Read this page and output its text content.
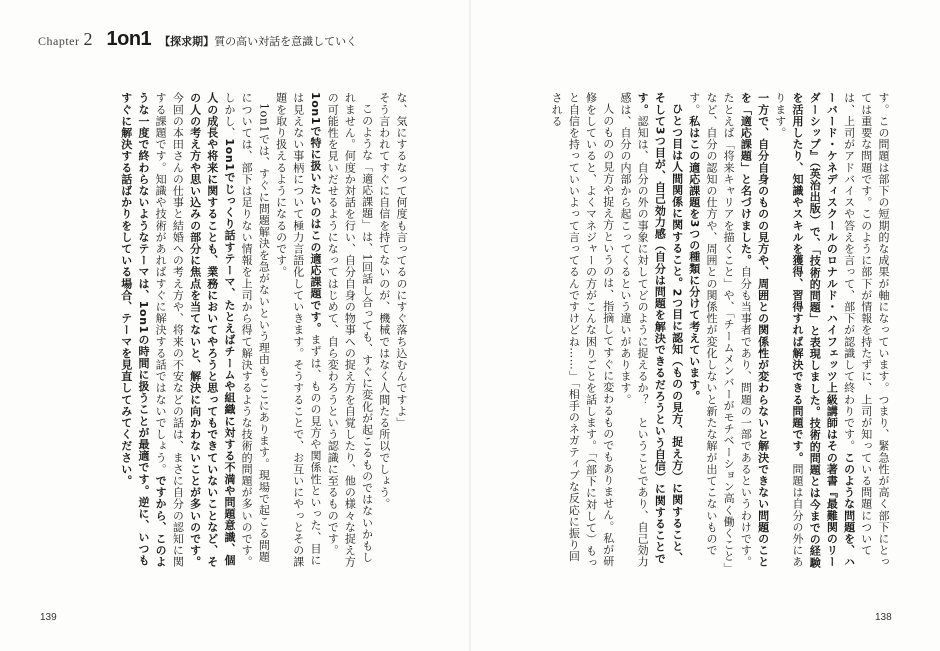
Chapter 2 1on1 【探求期】質の高い対話を意識していく

な、気にするなって何度も言ってるのにすぐ落ち込むんですよ」

そう言われてすぐに自信を持てないのが、機械ではなく人間たる所以でしょう。

このような「適応課題」は、1回話し合っても、すぐに変化が起こるものではないかもしれません。何度か対話を行い、自分自身の物事への捉え方を自覚したり、他の様々な捉え方の可能性を見いだせるようになってはじめて、自ら変わろうという認識に至るものです。1on1で特に扱いたいのはこの適応課題です。まずは、ものの見方や関係性といった、目には見えない事柄について極力言語化していきます。そうすることで、お互いにやっとその課題を取り扱えるようになるのです。

1on1では、すぐに問題解決を急がないという理由もここにあります。現場で起こる問題については、部下は足りない情報を上司から得て解決するような技術的問題が多いのです。しかし、1on1でじっくり話すテーマ、たとえばチームや組織に対する不満や問題意識、個人の成長や将来に関することも、業務においてやろうと思ってもできていないことなど、その人の考え方や思い込みの部分に焦点を当てないと、解決に向かわないことが多いのです。今回の本田さんの仕事と結婚への考え方や、将来の不安などの話は、まさに自分の認知に関する課題です。知識や技術があればすぐに解決する話ではないでしょう。ですから、このような一度で終わらないようなテーマは、1on1の時間に扱うことが最適です。逆に、いつもすぐに解決する話ばかりをしている場合、テーマを見直してみてください。	す。この問題は部下の短期的な成果が軸になっています。つまり、緊急性が高く部下にとっては重要な問題です。このように部下が情報を持たずに、上司が知っている問題については、上司がアドバイスや答えを言って、部下が認識して終わりです。このような問題を、ハーバード・ケネディスクールのロナルド・ハイフェッツ上級講師はその著書『最難関のリーダーシップ』（英治出版）で、「技術的問題」と表現しました。技術的問題とは今までの経験を活用したり、知識やスキルを獲得、習得すれば解決できる問題です。問題は自分の外にあります。

一方で、自分自身のものの見方や、周囲との関係性が変わらないと解決できない問題のことを「適応課題」と名づけました。自分も当事者であり、問題の一部であるというわけです。たとえば「将来キャリアを描くこと」や、「チームメンバーがモチベーション高く働くこと」など、自分の認知の仕方や、周囲との関係性が変化しないと新たな解が出てこないものです。私はこの適応課題を3つの種類に分けて考えています。

ひとつ目は人間関係に関すること。2つ目に認知（ものの見方、捉え方）に関すること、そして3つ目が、自己効力感（自分は問題を解決できるだろうという自信）に関することです。認知は、自分の外の事象に対してどのように捉えるか？　ということであり、自己効力感は、自分の内部から起こってくるという違いがあります。

人のものの見方や捉え方というのは、指摘してすぐに変わるものでもありません。私が研修をしていると、よくマネジャーの方がこんな困りごとを話します。「（部下に対して）もっと自信を持っていいよって言ってるんですけどね……」「相手のネガティブな反応に振り回される

139	138
